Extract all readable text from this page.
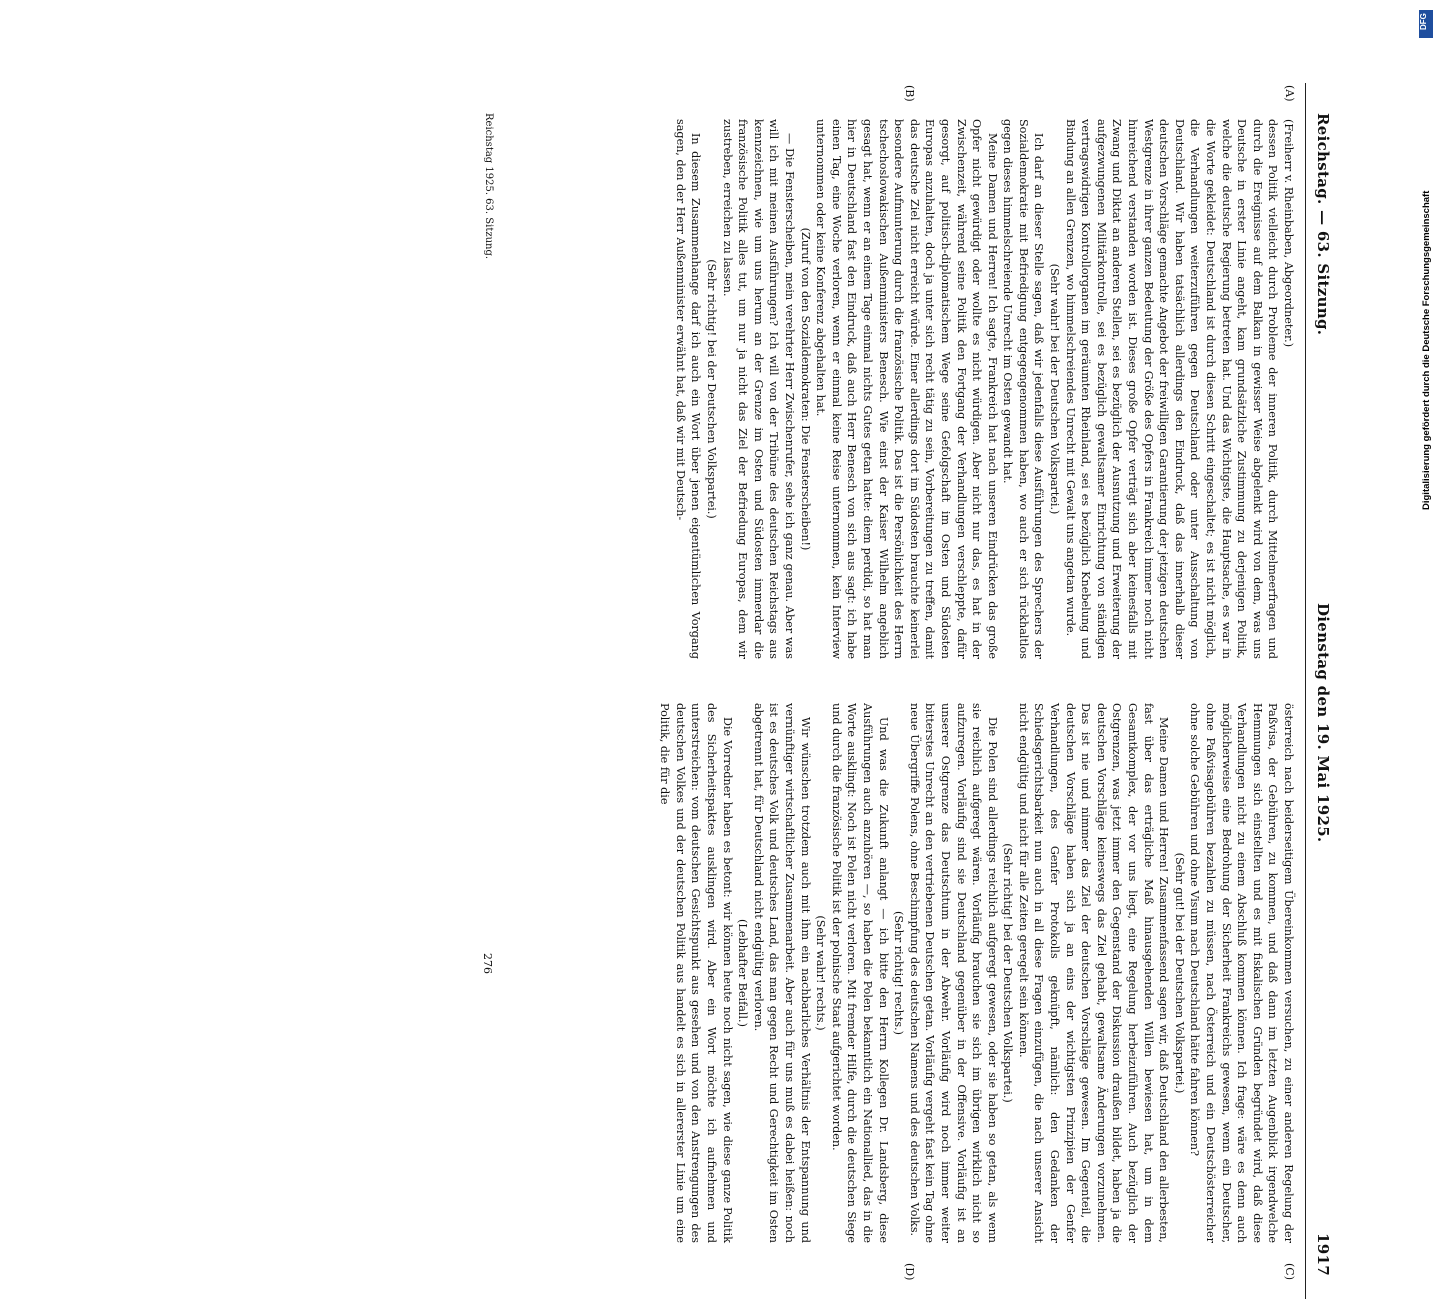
Reichstag. — 63. Sitzung.
Dienstag den 19. Mai 1925.
1917
(A)
(B)
(C)
(D)

(Freiherr v. Rheinbaben, Abgeordneter.)

dessen Politik vielleicht durch Probleme der inneren Politik, durch Mittelmeerfragen und durch die Ereignisse auf dem Balkan in gewisser Weise abgelenkt wird von dem, was uns Deutsche in erster Linie angeht, kam grundsätzliche Zustimmung zu derjenigen Politik, welche die deutsche Regierung betreten hat. Und das Wichtigste, die Hauptsache, es war in die Worte gekleidet: Deutschland ist durch diesen Schritt eingeschaltet; es ist nicht möglich, die Verhandlungen weiterzuführen gegen Deutschland oder unter Ausschaltung von Deutschland. Wir haben tatsächlich allerdings den Eindruck, daß das innerhalb dieser deutschen Vorschläge gemachte Angebot der freiwilligen Garantierung der jetzigen deutschen Westgrenze in ihrer ganzen Bedeutung der Größe des Opfers in Frankreich immer noch nicht hinreichend verstanden worden ist. Dieses große Opfer verträgt sich aber keinesfalls mit Zwang und Diktat an anderen Stellen, sei es bezüglich der Ausnutzung und Erweiterung der aufgezwungenen Militärkontrolle, sei es bezüglich gewaltsamer Einrichtung von ständigen vertragswidrigen Kontrollorganen im geräumten Rheinland, sei es bezüglich Knebelung und Bindung an allen Grenzen, wo himmelschreiendes Unrecht mit Gewalt uns angetan wurde.

(Sehr wahr! bei der Deutschen Volkspartei.)

Ich darf an dieser Stelle sagen, daß wir jedenfalls diese Ausführungen des Sprechers der Sozialdemokratie mit Befriedigung entgegengenommen haben, wo auch er sich rückhaltlos gegen dieses himmelschreiende Unrecht im Osten gewandt hat.

Meine Damen und Herren! Ich sagte, Frankreich hat nach unseren Eindrücken das große Opfer nicht gewürdigt oder wollte es nicht würdigen. Aber nicht nur das, es hat in der Zwischenzeit, während seine Politik den Fortgang der Verhandlungen verschleppte, dafür gesorgt, auf politisch-diplomatischem Wege seine Gefolgschaft im Osten und Südosten Europas anzuhalten, doch ja unter sich recht tätig zu sein, Vorbereitungen zu treffen, damit das deutsche Ziel nicht erreicht würde. Einer allerdings dort im Südosten brauchte keinerlei besondere Aufmunterung durch die französische Politik. Das ist die Persönlichkeit des Herrn tschechoslowakischen Außenministers Benesch. Wie einst der Kaiser Wilhelm angeblich gesagt hat, wenn er an einem Tage einmal nichts Gutes getan hatte: diem perdidi, so hat man hier in Deutschland fast den Eindruck, daß auch Herr Benesch von sich aus sagt: ich habe einen Tag, eine Woche verloren, wenn er einmal keine Reise unternommen, kein Interview unternommen oder keine Konferenz abgehalten hat.

(Zuruf von den Sozialdemokraten: Die Fensterscheiben!)

— Die Fensterscheiben, mein verehrter Herr Zwischenrufer, sehe ich ganz genau. Aber was will ich mit meinen Ausführungen? Ich will von der Tribüne des deutschen Reichstags aus kennzeichnen, wie um uns herum an der Grenze im Osten und Südosten immerdar die französische Politik alles tut, um nur ja nicht das Ziel der Befriedung Europas, dem wir zustreben, erreichen zu lassen.

(Sehr richtig! bei der Deutschen Volkspartei.)

In diesem Zusammenhange darf ich auch ein Wort über jenen eigentümlichen Vorgang sagen, den der Herr Außenminister erwähnt hat, daß wir mit Deutsch-

österreich nach beiderseitigem Übereinkommen versuchen, zu einer anderen Regelung der Paßvisa, der Gebühren, zu kommen, und daß dann im letzten Augenblick irgendwelche Hemmungen sich einstellten und es mit fiskalischen Gründen begründet wird, daß diese Verhandlungen nicht zu einem Abschluß kommen können. Ich frage: wäre es denn auch möglicherweise eine Bedrohung der Sicherheit Frankreichs gewesen, wenn ein Deutscher, ohne Paßvisagebühren bezahlen zu müssen, nach Österreich und ein Deutschösterreicher ohne solche Gebühren und ohne Visum nach Deutschland hätte fahren können?

(Sehr gut! bei der Deutschen Volkspartei.)

Meine Damen und Herren! Zusammenfassend sagen wir, daß Deutschland den allerbesten, fast über das erträgliche Maß hinausgehenden Willen bewiesen hat, um in dem Gesamtkomplex, der vor uns liegt, eine Regelung herbeizuführen. Auch bezüglich der Ostgrenzen, was jetzt immer den Gegenstand der Diskussion draußen bildet, haben ja die deutschen Vorschläge keineswegs das Ziel gehabt, gewaltsame Änderungen vorzunehmen. Das ist nie und nimmer das Ziel der deutschen Vorschläge gewesen. Im Gegenteil, die deutschen Vorschläge haben sich ja an eins der wichtigsten Prinzipien der Genfer Verhandlungen, des Genfer Protokolls geknüpft, nämlich: den Gedanken der Schiedsgerichtsbarkeit nun auch in all diese Fragen einzufügen, die nach unserer Ansicht nicht endgültig und nicht für alle Zeiten geregelt sein können.

(Sehr richtig! bei der Deutschen Volkspartei.)

Die Polen sind allerdings reichlich aufgeregt gewesen, oder sie haben so getan, als wenn sie reichlich aufgeregt wären. Vorläufig brauchen sie sich im übrigen wirklich nicht so aufzuregen. Vorläufig sind sie Deutschland gegenüber in der Offensive. Vorläufig ist an unserer Ostgrenze das Deutschtum in der Abwehr. Vorläufig wird noch immer weiter bitterstes Unrecht an den vertriebenen Deutschen getan. Vorläufig vergeht fast kein Tag ohne neue Übergriffe Polens, ohne Beschimpfung des deutschen Namens und des deutschen Volks.

(Sehr richtig! rechts.)

Und was die Zukunft anlangt — ich bitte den Herrn Kollegen Dr. Landsberg, diese Ausführungen auch anzuhören —, so haben die Polen bekanntlich ein Nationallied, das in die Worte ausklingt: Noch ist Polen nicht verloren. Mit fremder Hilfe, durch die deutschen Siege und durch die französische Politik ist der polnische Staat aufgerichtet worden.

(Sehr wahr! rechts.)

Wir wünschen trotzdem auch mit ihm ein nachbarliches Verhältnis der Entspannung und vernünftiger wirtschaftlicher Zusammenarbeit. Aber auch für uns muß es dabei heißen: noch ist es deutsches Volk und deutsches Land, das man gegen Recht und Gerechtigkeit im Osten abgetrennt hat, für Deutschland nicht endgültig verloren.

(Lebhafter Beifall.)

Die Vorredner haben es betont: wir können heute noch nicht sagen, wie diese ganze Politik des Sicherheitspaktes ausklingen wird. Aber ein Wort möchte ich aufnehmen und unterstreichen: vom deutschen Gesichtspunkt aus gesehen und von den Anstrengungen des deutschen Volkes und der deutschen Politik aus handelt es sich in allererster Linie um eine Politik, die für die

Reichstag 1925. 63. Sitzung.
276
DFG
Digitalisierung gefördert durch die Deutsche Forschungsgemeinschaft
